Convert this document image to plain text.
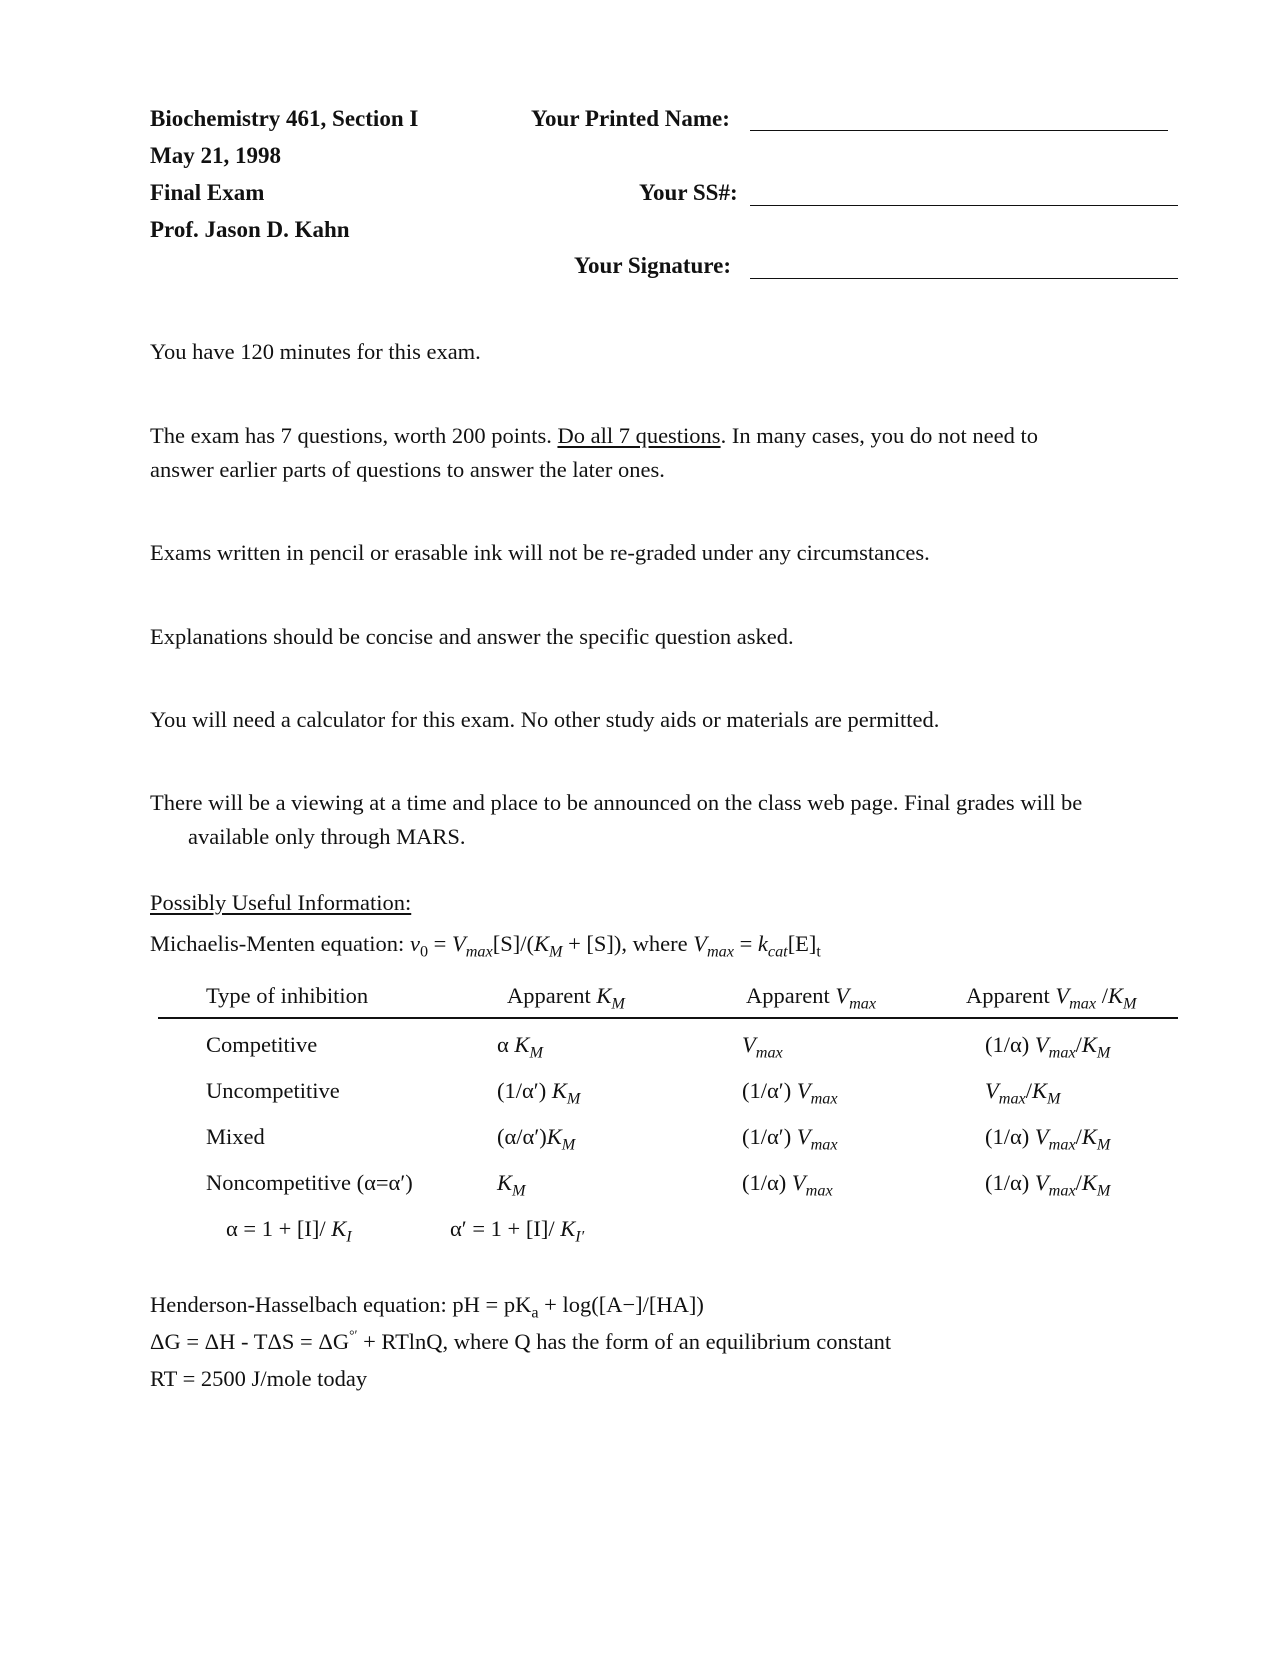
Biochemistry 461, Section I
May 21, 1998
Final Exam
Prof. Jason D. Kahn
Your Printed Name:
Your SS#:
Your Signature:
You have 120 minutes for this exam.
The exam has 7 questions, worth 200 points. Do all 7 questions. In many cases, you do not need to
answer earlier parts of questions to answer the later ones.
Exams written in pencil or erasable ink will not be re-graded under any circumstances.
Explanations should be concise and answer the specific question asked.
You will need a calculator for this exam. No other study aids or materials are permitted.
There will be a viewing at a time and place to be announced on the class web page. Final grades will be
available only through MARS.
Possibly Useful Information:
Michaelis-Menten equation: $v_0 = V_{max}[S]/(K_M + [S])$, where $V_{max} = k_{cat}[E]_t$
Type of inhibition	Apparent $K_M$	Apparent $V_{max}$	Apparent $V_{max}$ $/K_M$
Competitive	α $K_M$	$V_{max}$	(1/α) $V_{max}/K_M$
Uncompetitive	(1/α′) $K_M$	(1/α′) $V_{max}$	$V_{max}/K_M$
Mixed	$(\alpha/\alpha')K_M$	(1/α′) $V_{max}$	(1/α) $V_{max}/K_M$
Noncompetitive (α=α′)	$K_M$	(1/α) $V_{max}$	(1/α) $V_{max}/K_M$
α = 1 + [I]/ $K_I$	α′ = 1 + [I]/ $K_{I'}$
Henderson-Hasselbach equation: pH = $pK_a + \log([A-]/[HA])$
ΔG = ΔH - TΔS = ΔG°′ + RTlnQ, where Q has the form of an equilibrium constant
RT = 2500 J/mole today
